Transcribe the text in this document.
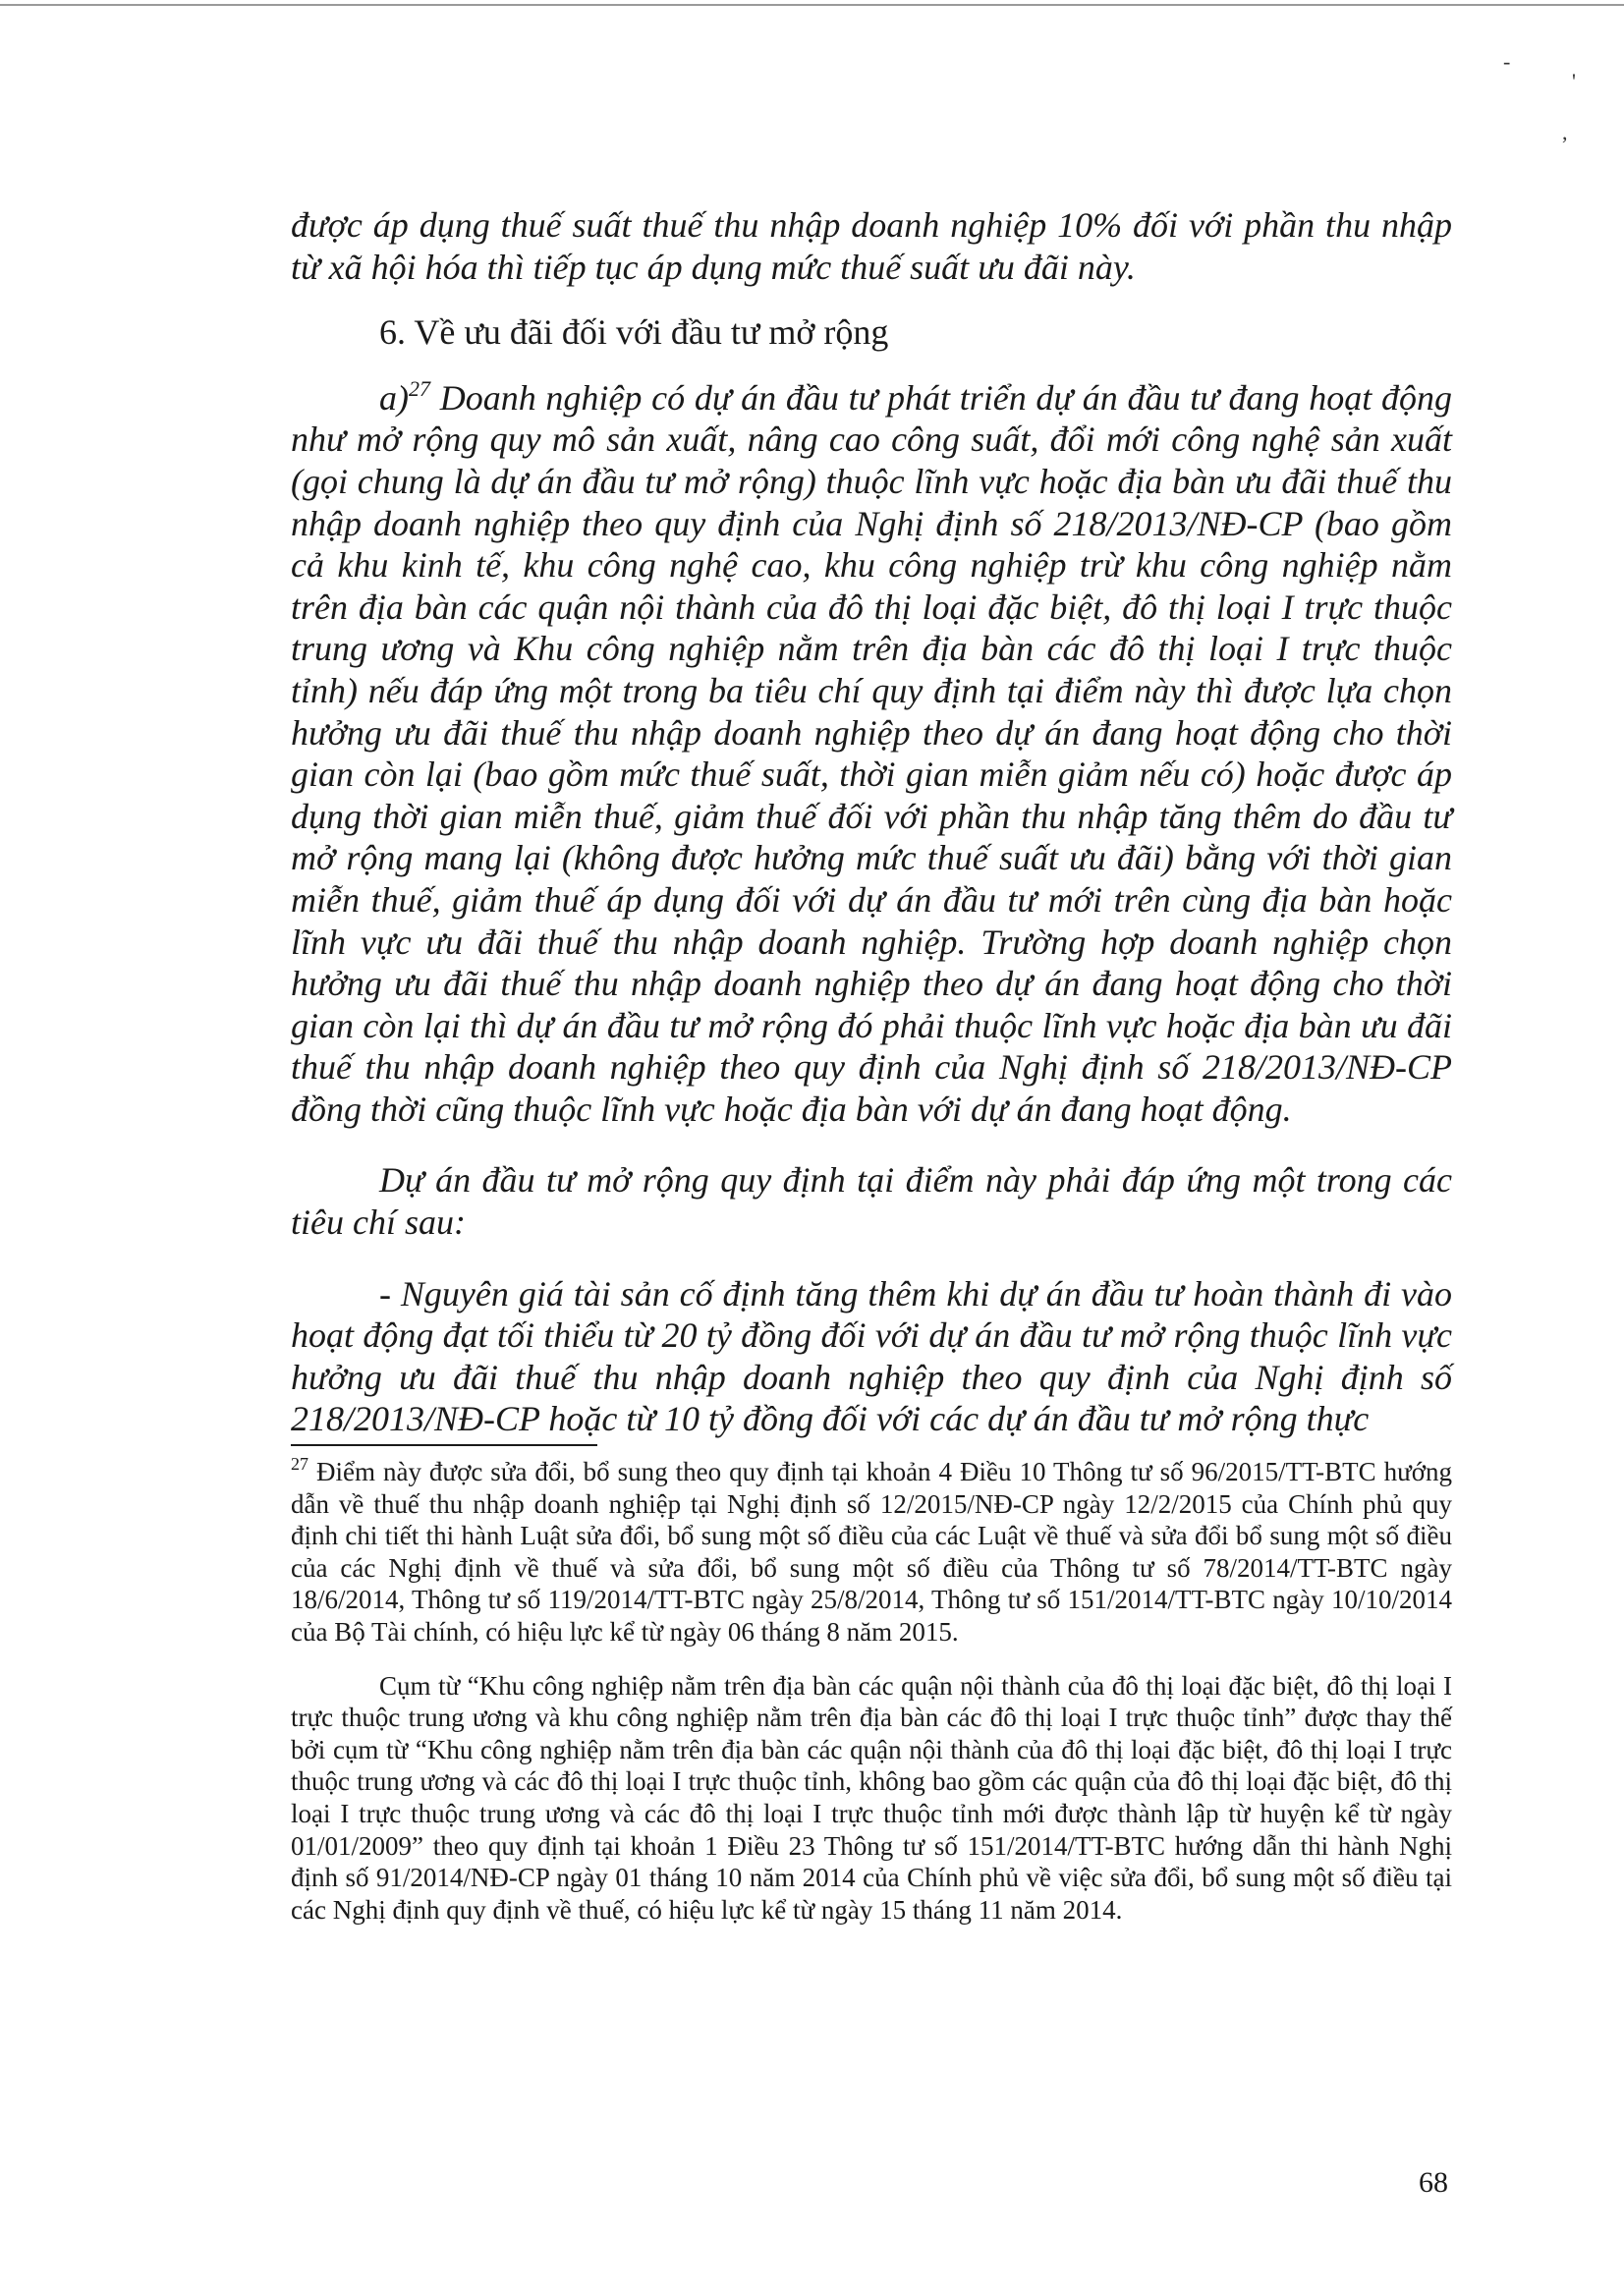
-
'
,

được áp dụng thuế suất thuế thu nhập doanh nghiệp 10% đối với phần thu nhập từ xã hội hóa thì tiếp tục áp dụng mức thuế suất ưu đãi này.

6. Về ưu đãi đối với đầu tư mở rộng

a)$^{27}$ Doanh nghiệp có dự án đầu tư phát triển dự án đầu tư đang hoạt động như mở rộng quy mô sản xuất, nâng cao công suất, đổi mới công nghệ sản xuất (gọi chung là dự án đầu tư mở rộng) thuộc lĩnh vực hoặc địa bàn ưu đãi thuế thu nhập doanh nghiệp theo quy định của Nghị định số 218/2013/NĐ-CP (bao gồm cả khu kinh tế, khu công nghệ cao, khu công nghiệp trừ khu công nghiệp nằm trên địa bàn các quận nội thành của đô thị loại đặc biệt, đô thị loại I trực thuộc trung ương và Khu công nghiệp nằm trên địa bàn các đô thị loại I trực thuộc tỉnh) nếu đáp ứng một trong ba tiêu chí quy định tại điểm này thì được lựa chọn hưởng ưu đãi thuế thu nhập doanh nghiệp theo dự án đang hoạt động cho thời gian còn lại (bao gồm mức thuế suất, thời gian miễn giảm nếu có) hoặc được áp dụng thời gian miễn thuế, giảm thuế đối với phần thu nhập tăng thêm do đầu tư mở rộng mang lại (không được hưởng mức thuế suất ưu đãi) bằng với thời gian miễn thuế, giảm thuế áp dụng đối với dự án đầu tư mới trên cùng địa bàn hoặc lĩnh vực ưu đãi thuế thu nhập doanh nghiệp. Trường hợp doanh nghiệp chọn hưởng ưu đãi thuế thu nhập doanh nghiệp theo dự án đang hoạt động cho thời gian còn lại thì dự án đầu tư mở rộng đó phải thuộc lĩnh vực hoặc địa bàn ưu đãi thuế thu nhập doanh nghiệp theo quy định của Nghị định số 218/2013/NĐ-CP đồng thời cũng thuộc lĩnh vực hoặc địa bàn với dự án đang hoạt động.

Dự án đầu tư mở rộng quy định tại điểm này phải đáp ứng một trong các tiêu chí sau:

- Nguyên giá tài sản cố định tăng thêm khi dự án đầu tư hoàn thành đi vào hoạt động đạt tối thiểu từ 20 tỷ đồng đối với dự án đầu tư mở rộng thuộc lĩnh vực hưởng ưu đãi thuế thu nhập doanh nghiệp theo quy định của Nghị định số 218/2013/NĐ-CP hoặc từ 10 tỷ đồng đối với các dự án đầu tư mở rộng thực

$^{27}$ Điểm này được sửa đổi, bổ sung theo quy định tại khoản 4 Điều 10 Thông tư số 96/2015/TT-BTC hướng dẫn về thuế thu nhập doanh nghiệp tại Nghị định số 12/2015/NĐ-CP ngày 12/2/2015 của Chính phủ quy định chi tiết thi hành Luật sửa đổi, bổ sung một số điều của các Luật về thuế và sửa đổi bổ sung một số điều của các Nghị định về thuế và sửa đổi, bổ sung một số điều của Thông tư số 78/2014/TT-BTC ngày 18/6/2014, Thông tư số 119/2014/TT-BTC ngày 25/8/2014, Thông tư số 151/2014/TT-BTC ngày 10/10/2014 của Bộ Tài chính, có hiệu lực kể từ ngày 06 tháng 8 năm 2015.

Cụm từ “Khu công nghiệp nằm trên địa bàn các quận nội thành của đô thị loại đặc biệt, đô thị loại I trực thuộc trung ương và khu công nghiệp nằm trên địa bàn các đô thị loại I trực thuộc tỉnh” được thay thế bởi cụm từ “Khu công nghiệp nằm trên địa bàn các quận nội thành của đô thị loại đặc biệt, đô thị loại I trực thuộc trung ương và các đô thị loại I trực thuộc tỉnh, không bao gồm các quận của đô thị loại đặc biệt, đô thị loại I trực thuộc trung ương và các đô thị loại I trực thuộc tỉnh mới được thành lập từ huyện kể từ ngày 01/01/2009” theo quy định tại khoản 1 Điều 23 Thông tư số 151/2014/TT-BTC hướng dẫn thi hành Nghị định số 91/2014/NĐ-CP ngày 01 tháng 10 năm 2014 của Chính phủ về việc sửa đổi, bổ sung một số điều tại các Nghị định quy định về thuế, có hiệu lực kể từ ngày 15 tháng 11 năm 2014.

68
